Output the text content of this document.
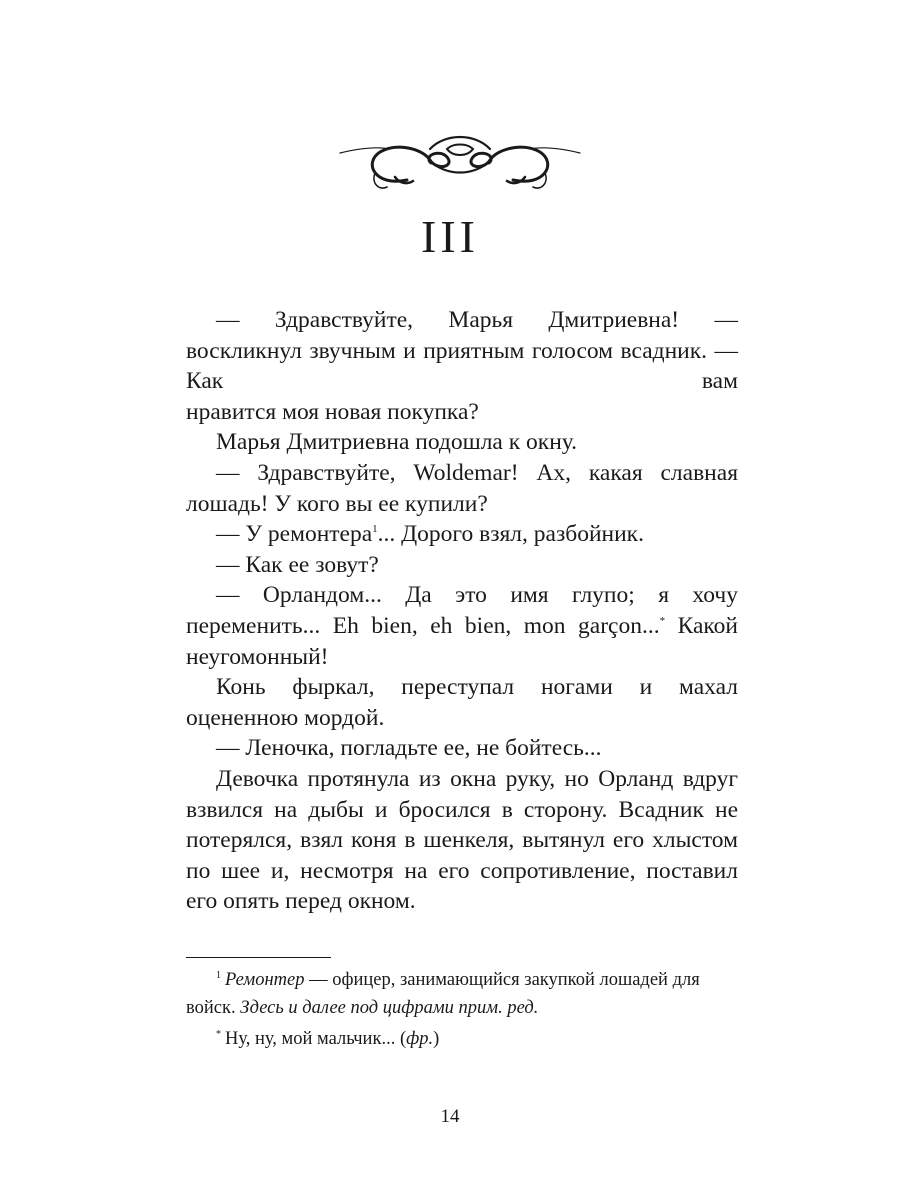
III

— Здравствуйте, Марья Дмитриевна! — воскликнул звучным и приятным голосом всадник. — Как вам
нравится моя новая покупка?

Марья Дмитриевна подошла к окну.

— Здравствуйте, Woldemar! Ах, какая славная лошадь! У кого вы ее купили?

— У ремонтера$^1$... Дорого взял, разбойник.

— Как ее зовут?

— Орландом... Да это имя глупо; я хочу переменить... Eh bien, eh bien, mon garçon...* Какой неугомонный!

Конь фыркал, переступал ногами и махал оцененною мордой.

— Леночка, погладьте ее, не бойтесь...

Девочка протянула из окна руку, но Орланд вдруг взвился на дыбы и бросился в сторону. Всадник не потерялся, взял коня в шенкеля, вытянул его хлыстом по шее и, несмотря на его сопротивление, поставил
его опять перед окном.

$^1$ Ремонтер — офицер, занимающийся закупкой лошадей для войск. Здесь и далее под цифрами прим. ред.

* Ну, ну, мой мальчик... (фр.)

14
